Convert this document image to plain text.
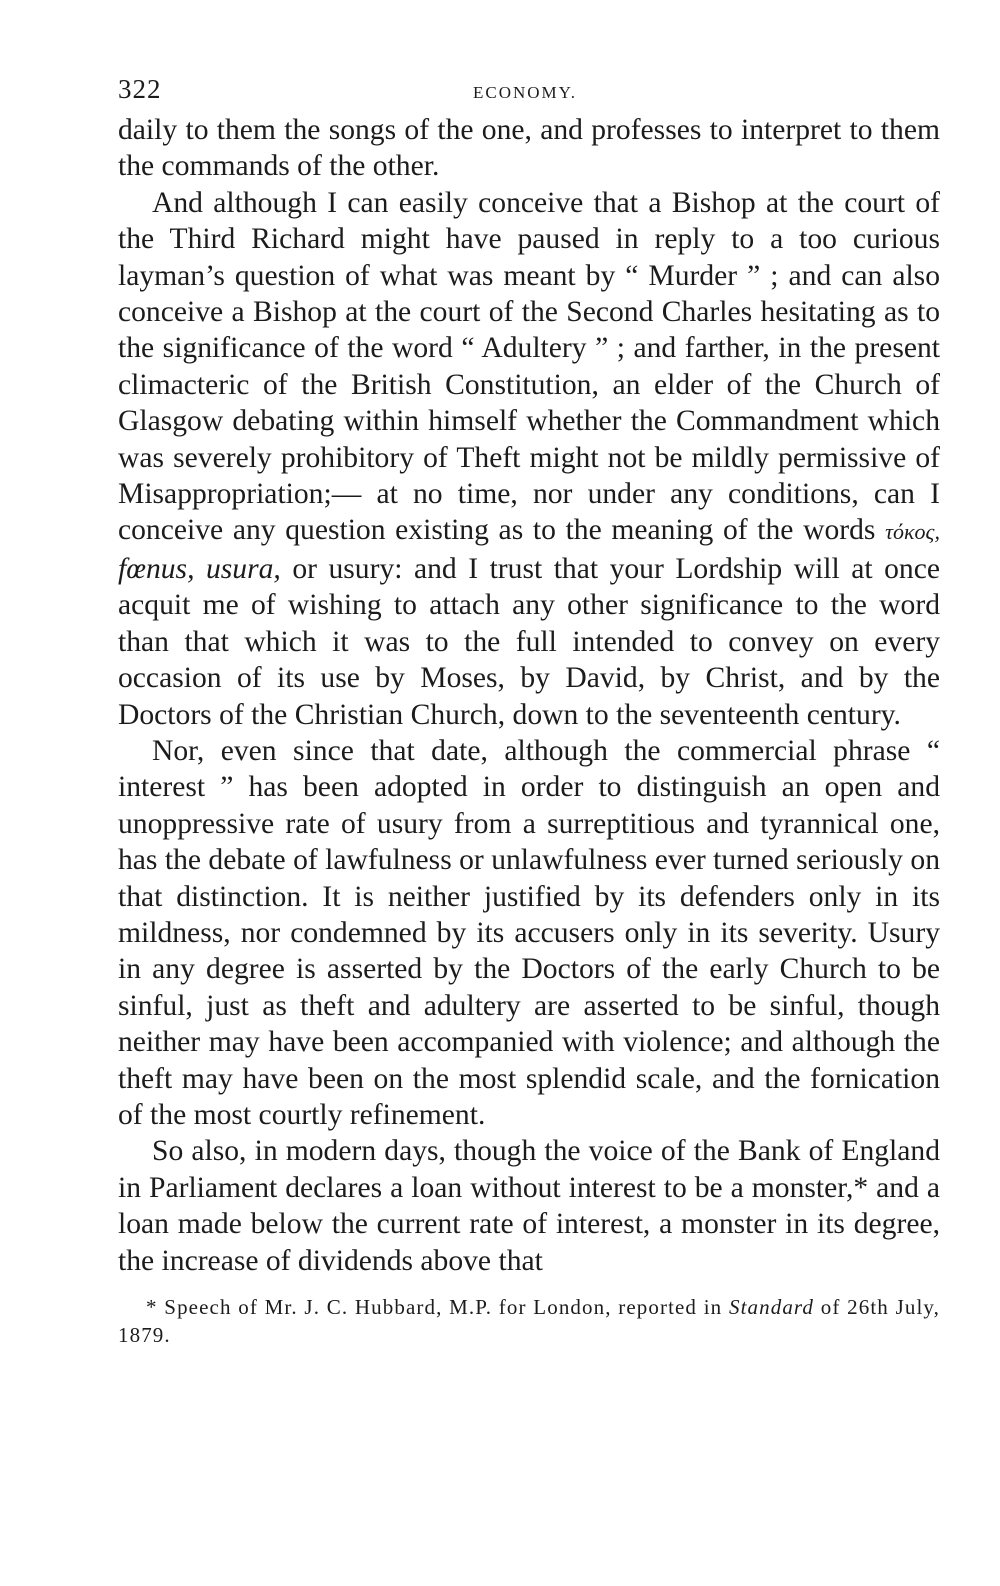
322	ECONOMY.

daily to them the songs of the one, and professes to interpret to them the commands of the other.

And although I can easily conceive that a Bishop at the court of the Third Richard might have paused in reply to a too curious layman’s question of what was meant by “ Murder ” ; and can also conceive a Bishop at the court of the Second Charles hesitating as to the significance of the word “ Adultery ” ; and farther, in the present climacteric of the British Constitution, an elder of the Church of Glasgow debating within himself whether the Commandment which was severely prohibitory of Theft might not be mildly permissive of Misappropriation;— at no time, nor under any conditions, can I conceive any question existing as to the meaning of the words τόκος, fœnus, usura, or usury: and I trust that your Lordship will at once acquit me of wishing to attach any other significance to the word than that which it was to the full intended to convey on every occasion of its use by Moses, by David, by Christ, and by the Doctors of the Christian Church, down to the seventeenth century.

Nor, even since that date, although the commercial phrase “ interest ” has been adopted in order to distinguish an open and unoppressive rate of usury from a surreptitious and tyrannical one, has the debate of lawfulness or unlawfulness ever turned seriously on that distinction. It is neither justified by its defenders only in its mildness, nor condemned by its accusers only in its severity. Usury in any degree is asserted by the Doctors of the early Church to be sinful, just as theft and adultery are asserted to be sinful, though neither may have been accompanied with violence; and although the theft may have been on the most splendid scale, and the fornication of the most courtly refinement.

So also, in modern days, though the voice of the Bank of England in Parliament declares a loan without interest to be a monster,* and a loan made below the current rate of interest, a monster in its degree, the increase of dividends above that

* Speech of Mr. J. C. Hubbard, M.P. for London, reported in Standard of 26th July, 1879.
